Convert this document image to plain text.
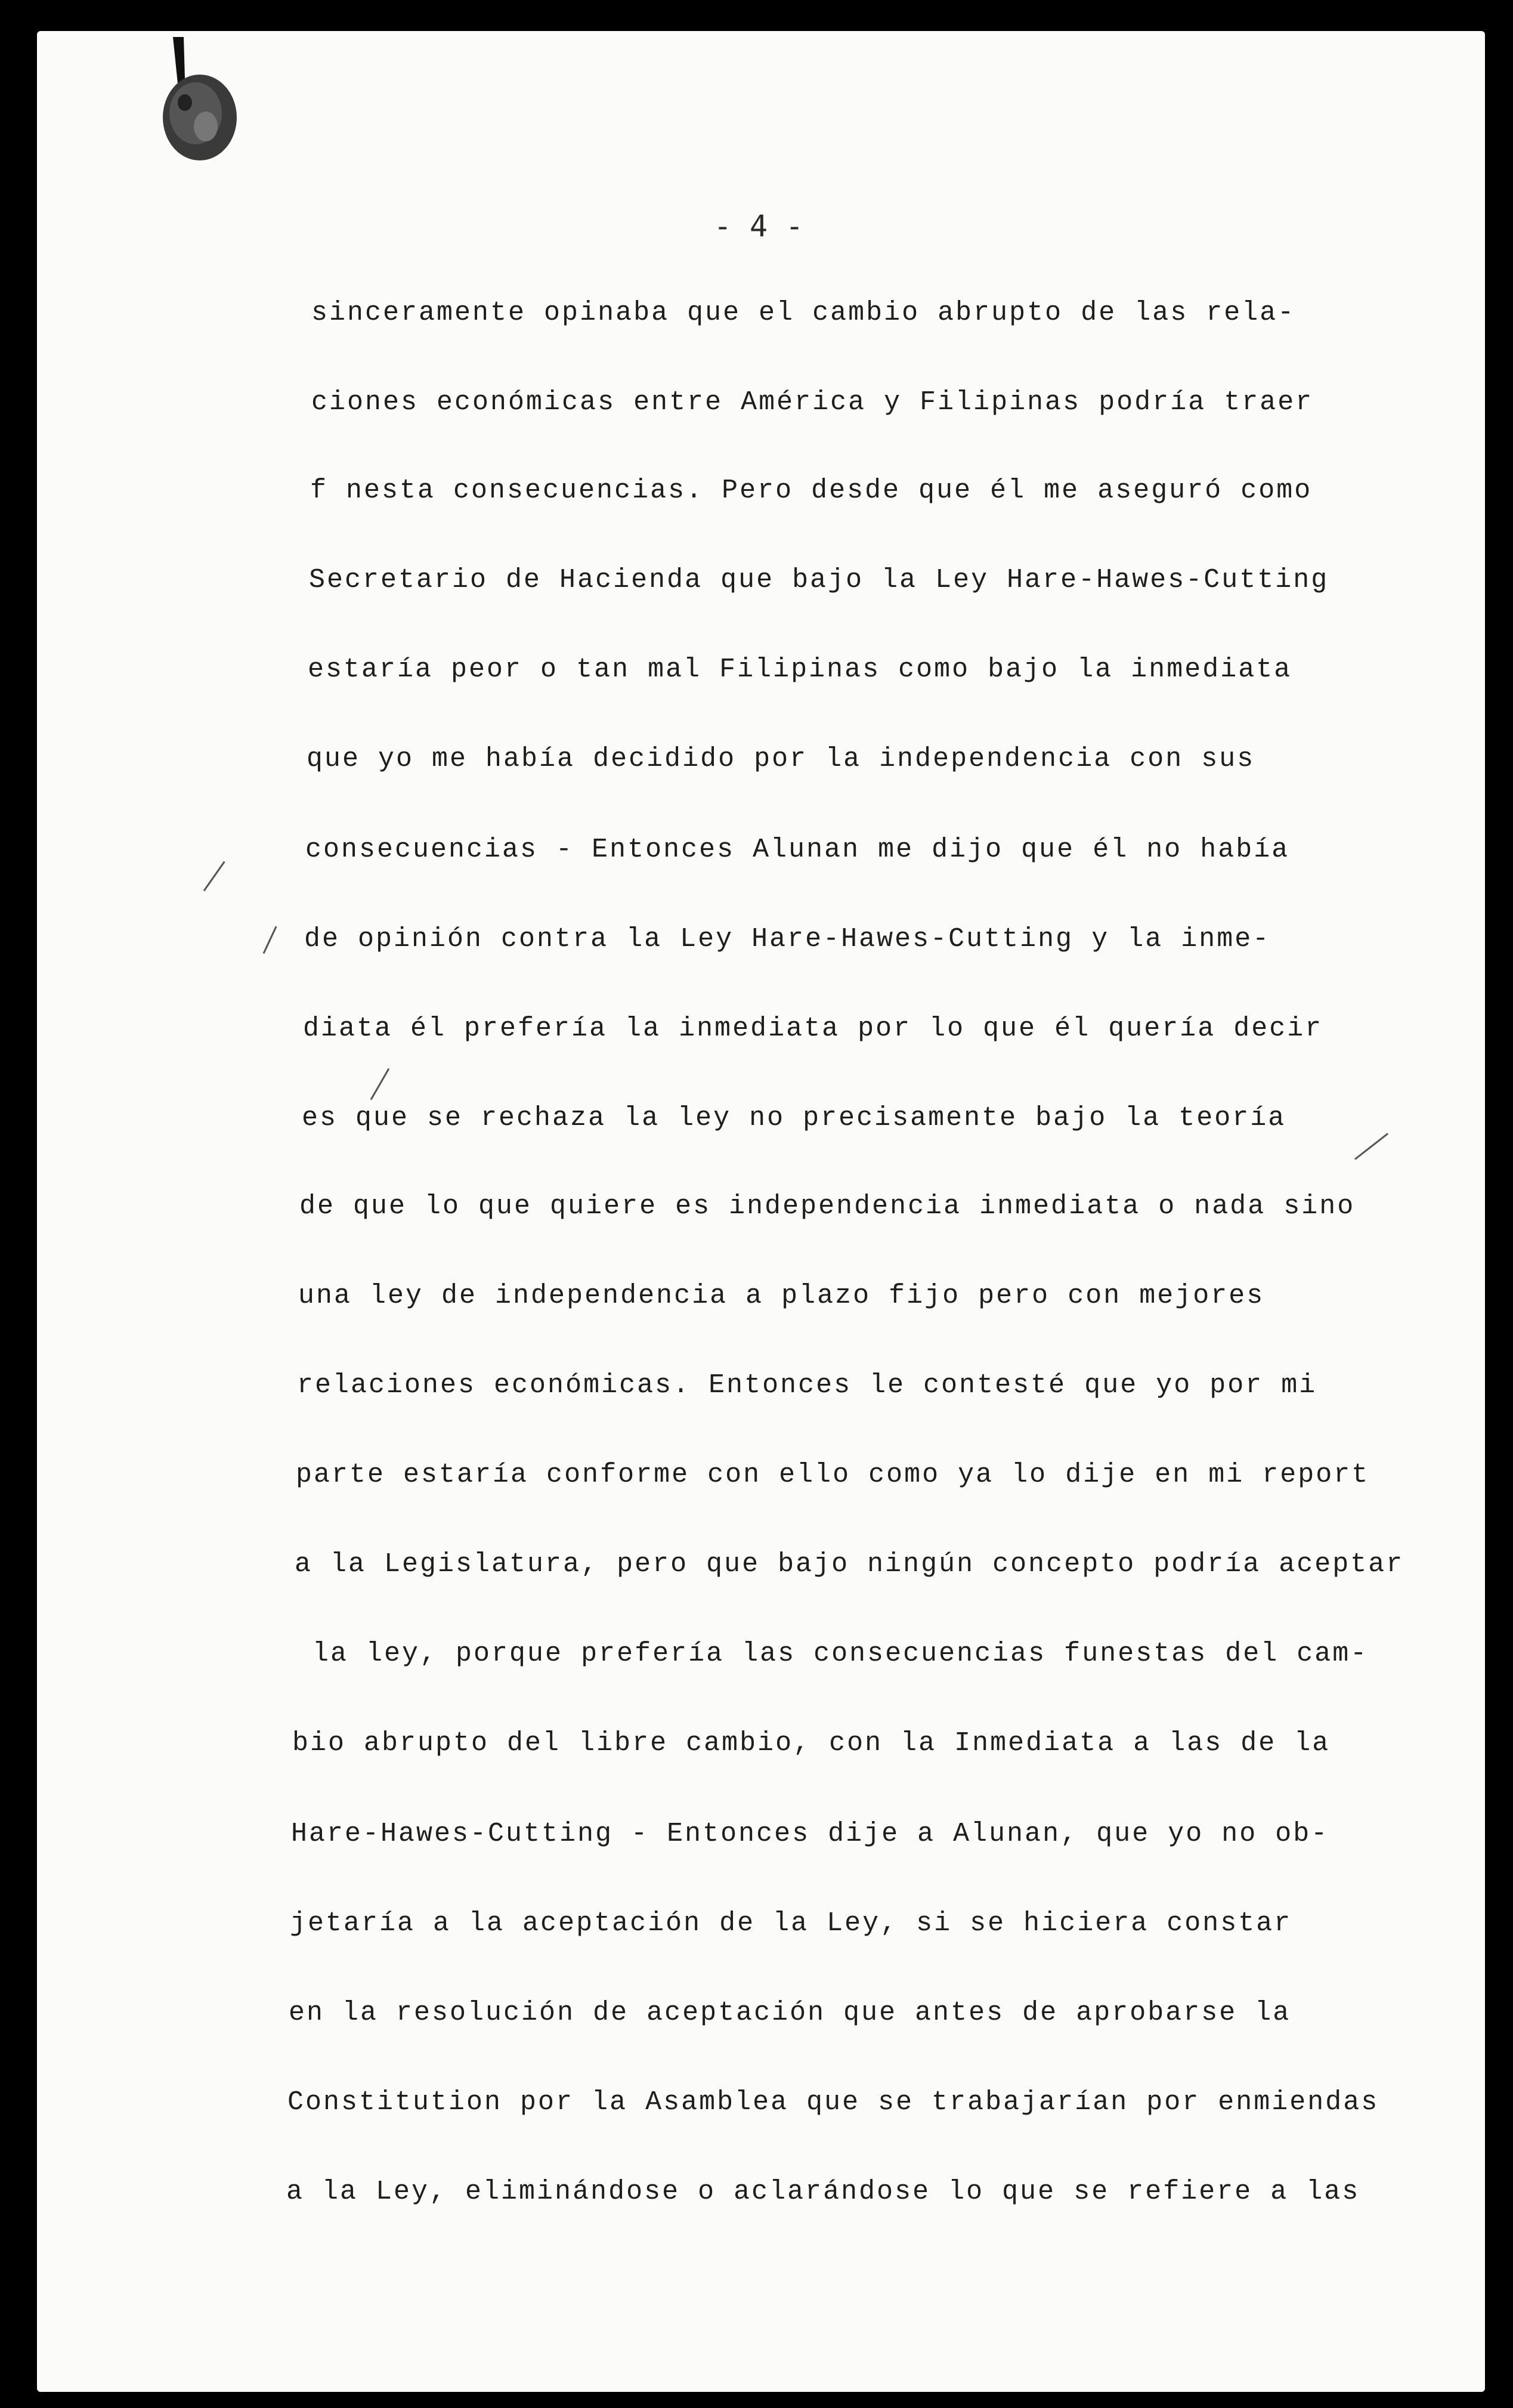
- 4 -
sinceramente opinaba que el cambio abrupto de las rela-
ciones económicas entre América y Filipinas podría traer
f nesta consecuencias. Pero desde que él me aseguró como
Secretario de Hacienda que bajo la Ley Hare-Hawes-Cutting
estaría peor o tan mal Filipinas como bajo la inmediata
que yo me había decidido por la independencia con sus
consecuencias - Entonces Alunan me dijo que él no había
de opinión contra la Ley Hare-Hawes-Cutting y la inme-
diata él prefería la inmediata por lo que él quería decir
es que se rechaza la ley no precisamente bajo la teoría
de que lo que quiere es independencia inmediata o nada sino
una ley de independencia a plazo fijo pero con mejores
relaciones económicas. Entonces le contesté que yo por mi
parte estaría conforme con ello como ya lo dije en mi report
a la Legislatura, pero que bajo ningún concepto podría aceptar
la ley, porque prefería las consecuencias funestas del cam-
bio abrupto del libre cambio, con la Inmediata a las de la
Hare-Hawes-Cutting - Entonces dije a Alunan, que yo no ob-
jetaría a la aceptación de la Ley, si se hiciera constar
en la resolución de aceptación que antes de aprobarse la
Constitution por la Asamblea que se trabajarían por enmiendas
a la Ley, eliminándose o aclarándose lo que se refiere a las
